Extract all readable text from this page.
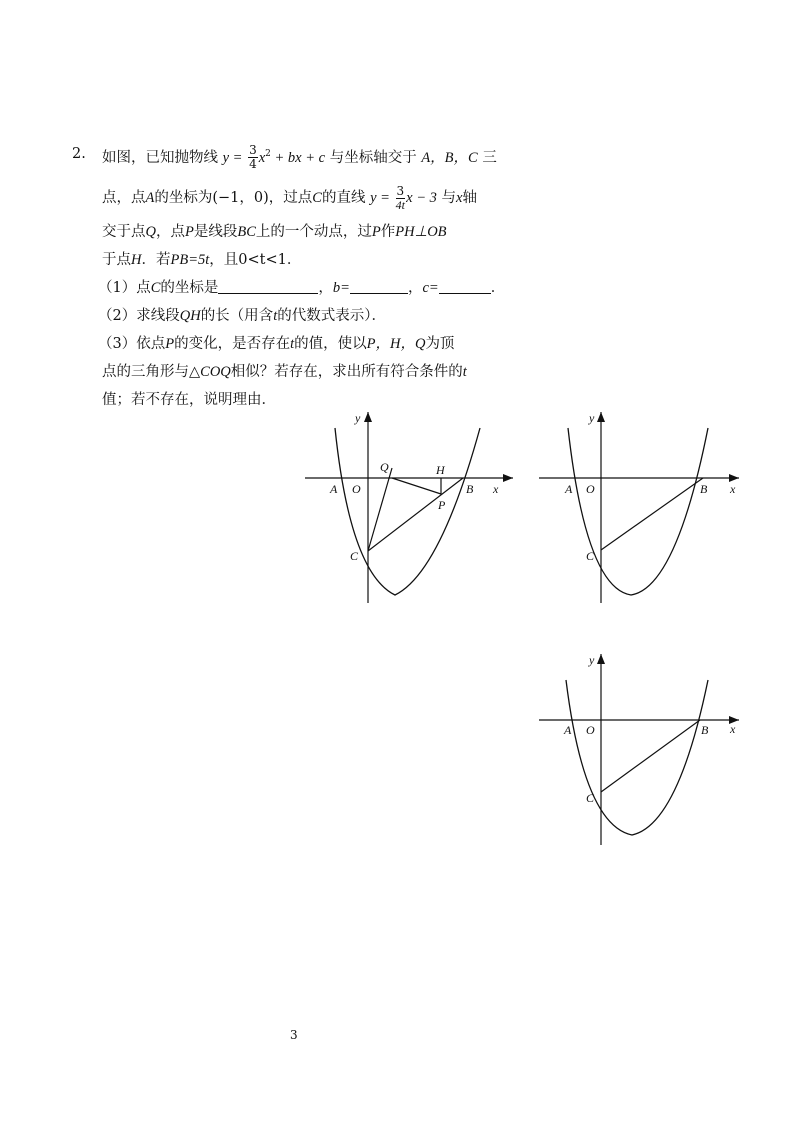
2. 如图，已知抛物线 $y = \frac{3}{4} x^2$ + bx + c 与坐标轴交于 A，B，C 三
点，点A的坐标为(−1，0)，过点C的直线 $y = \frac{3}{4t}$ x − 3 与x轴
交于点Q，点P是线段BC上的一个动点，过P作PH⊥OB
于点H．若PB=5t，且0<t<1．
（1）点C的坐标是	，b=	，c=	．
（2）求线段QH的长（用含t的代数式表示）．
（3）依点P的变化，是否存在t的值，使以P，H，Q为顶
点的三角形与△COQ相似？若存在，求出所有符合条件的t
值；若不存在，说明理由．
y
x
A O
Q	H
B
P
C
y
x
A O	B
C
y
x
A O	B
C
3
